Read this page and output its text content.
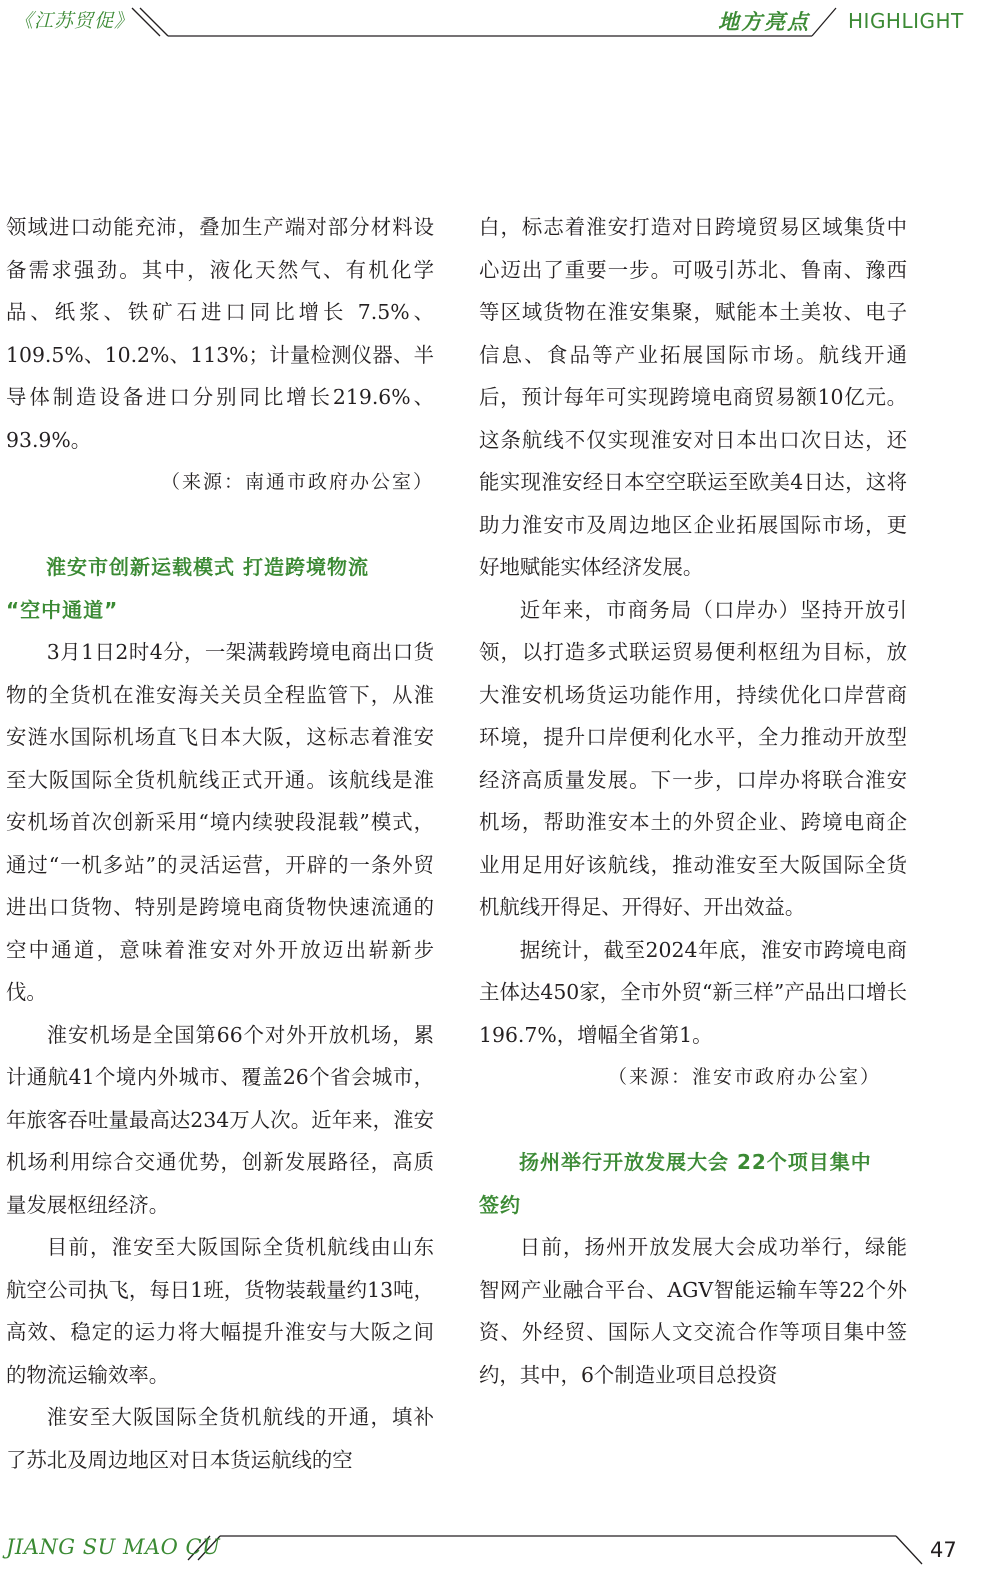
《江苏贸促》	地方亮点 HIGHLIGHT

领域进口动能充沛，叠加生产端对部分材料设备需求强劲。其中，液化天然气、有机化学品、纸浆、铁矿石进口同比增长 7.5%、109.5%、10.2%、113%；计量检测仪器、半导体制造设备进口分别同比增长219.6%、93.9%。

（来源：南通市政府办公室）

淮安市创新运载模式 打造跨境物流
“空中通道”

3月1日2时4分，一架满载跨境电商出口货物的全货机在淮安海关关员全程监管下，从淮安涟水国际机场直飞日本大阪，这标志着淮安至大阪国际全货机航线正式开通。该航线是淮安机场首次创新采用“境内续驶段混载”模式，通过“一机多站”的灵活运营，开辟的一条外贸进出口货物、特别是跨境电商货物快速流通的空中通道，意味着淮安对外开放迈出崭新步伐。

淮安机场是全国第66个对外开放机场，累计通航41个境内外城市、覆盖26个省会城市，年旅客吞吐量最高达234万人次。近年来，淮安机场利用综合交通优势，创新发展路径，高质量发展枢纽经济。

目前，淮安至大阪国际全货机航线由山东航空公司执飞，每日1班，货物装载量约13吨，高效、稳定的运力将大幅提升淮安与大阪之间的物流运输效率。

淮安至大阪国际全货机航线的开通，填补了苏北及周边地区对日本货运航线的空

白，标志着淮安打造对日跨境贸易区域集货中心迈出了重要一步。可吸引苏北、鲁南、豫西等区域货物在淮安集聚，赋能本土美妆、电子信息、食品等产业拓展国际市场。航线开通后，预计每年可实现跨境电商贸易额10亿元。这条航线不仅实现淮安对日本出口次日达，还能实现淮安经日本空空联运至欧美4日达，这将助力淮安市及周边地区企业拓展国际市场，更好地赋能实体经济发展。

近年来，市商务局（口岸办）坚持开放引领，以打造多式联运贸易便利枢纽为目标，放大淮安机场货运功能作用，持续优化口岸营商环境，提升口岸便利化水平，全力推动开放型经济高质量发展。下一步，口岸办将联合淮安机场，帮助淮安本土的外贸企业、跨境电商企业用足用好该航线，推动淮安至大阪国际全货机航线开得足、开得好、开出效益。

据统计，截至2024年底，淮安市跨境电商主体达450家，全市外贸“新三样”产品出口增长196.7%，增幅全省第1。

（来源：淮安市政府办公室）

扬州举行开放发展大会 22个项目集中
签约

日前，扬州开放发展大会成功举行，绿能智网产业融合平台、AGV智能运输车等22个外资、外经贸、国际人文交流合作等项目集中签约，其中，6个制造业项目总投资

JIANG SU MAO CU	47
